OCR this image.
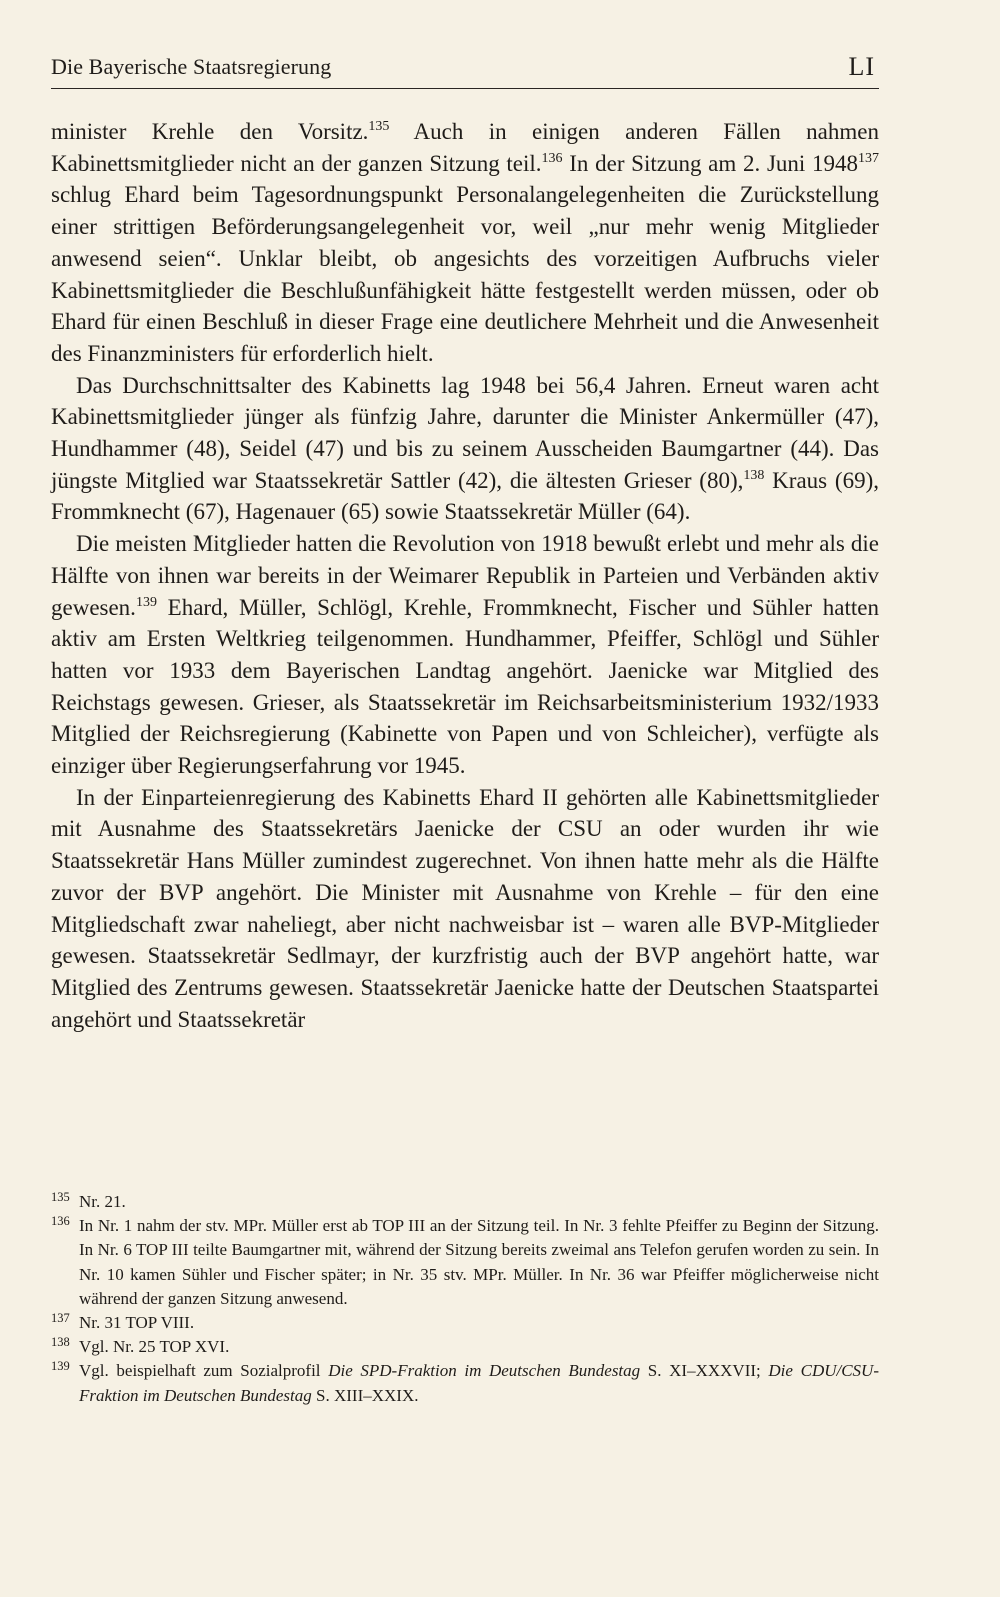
Die Bayerische Staatsregierung	LI

minister Krehle den Vorsitz.$^{135}$ Auch in einigen anderen Fällen nahmen Kabinettsmitglieder nicht an der ganzen Sitzung teil.$^{136}$ In der Sitzung am 2. Juni 1948$^{137}$ schlug Ehard beim Tagesordnungspunkt Personalangelegenheiten die Zurückstellung einer strittigen Beförderungsangelegenheit vor, weil „nur mehr wenig Mitglieder anwesend seien“. Unklar bleibt, ob angesichts des vorzeitigen Aufbruchs vieler Kabinettsmitglieder die Beschlußunfähigkeit hätte festgestellt werden müssen, oder ob Ehard für einen Beschluß in dieser Frage eine deutlichere Mehrheit und die Anwesenheit des Finanzministers für erforderlich hielt.

Das Durchschnittsalter des Kabinetts lag 1948 bei 56,4 Jahren. Erneut waren acht Kabinettsmitglieder jünger als fünfzig Jahre, darunter die Minister Ankermüller (47), Hundhammer (48), Seidel (47) und bis zu seinem Ausscheiden Baumgartner (44). Das jüngste Mitglied war Staatssekretär Sattler (42), die ältesten Grieser (80),$^{138}$ Kraus (69), Frommknecht (67), Hagenauer (65) sowie Staatssekretär Müller (64).

Die meisten Mitglieder hatten die Revolution von 1918 bewußt erlebt und mehr als die Hälfte von ihnen war bereits in der Weimarer Republik in Parteien und Verbänden aktiv gewesen.$^{139}$ Ehard, Müller, Schlögl, Krehle, Frommknecht, Fischer und Sühler hatten aktiv am Ersten Weltkrieg teilgenommen. Hundhammer, Pfeiffer, Schlögl und Sühler hatten vor 1933 dem Bayerischen Landtag angehört. Jaenicke war Mitglied des Reichstags gewesen. Grieser, als Staatssekretär im Reichsarbeitsministerium 1932/1933 Mitglied der Reichsregierung (Kabinette von Papen und von Schleicher), verfügte als einziger über Regierungserfahrung vor 1945.

In der Einparteienregierung des Kabinetts Ehard II gehörten alle Kabinettsmitglieder mit Ausnahme des Staatssekretärs Jaenicke der CSU an oder wurden ihr wie Staatssekretär Hans Müller zumindest zugerechnet. Von ihnen hatte mehr als die Hälfte zuvor der BVP angehört. Die Minister mit Ausnahme von Krehle – für den eine Mitgliedschaft zwar naheliegt, aber nicht nachweisbar ist – waren alle BVP-Mitglieder gewesen. Staatssekretär Sedlmayr, der kurzfristig auch der BVP angehört hatte, war Mitglied des Zentrums gewesen. Staatssekretär Jaenicke hatte der Deutschen Staatspartei angehört und Staatssekretär

135 Nr. 21.
136 In Nr. 1 nahm der stv. MPr. Müller erst ab TOP III an der Sitzung teil. In Nr. 3 fehlte Pfeiffer zu Beginn der Sitzung. In Nr. 6 TOP III teilte Baumgartner mit, während der Sitzung bereits zweimal ans Telefon gerufen worden zu sein. In Nr. 10 kamen Sühler und Fischer später; in Nr. 35 stv. MPr. Müller. In Nr. 36 war Pfeiffer möglicherweise nicht während der ganzen Sitzung anwesend.
137 Nr. 31 TOP VIII.
138 Vgl. Nr. 25 TOP XVI.
139 Vgl. beispielhaft zum Sozialprofil Die SPD-Fraktion im Deutschen Bundestag S. XI–XXXVII; Die CDU/CSU-Fraktion im Deutschen Bundestag S. XIII–XXIX.
